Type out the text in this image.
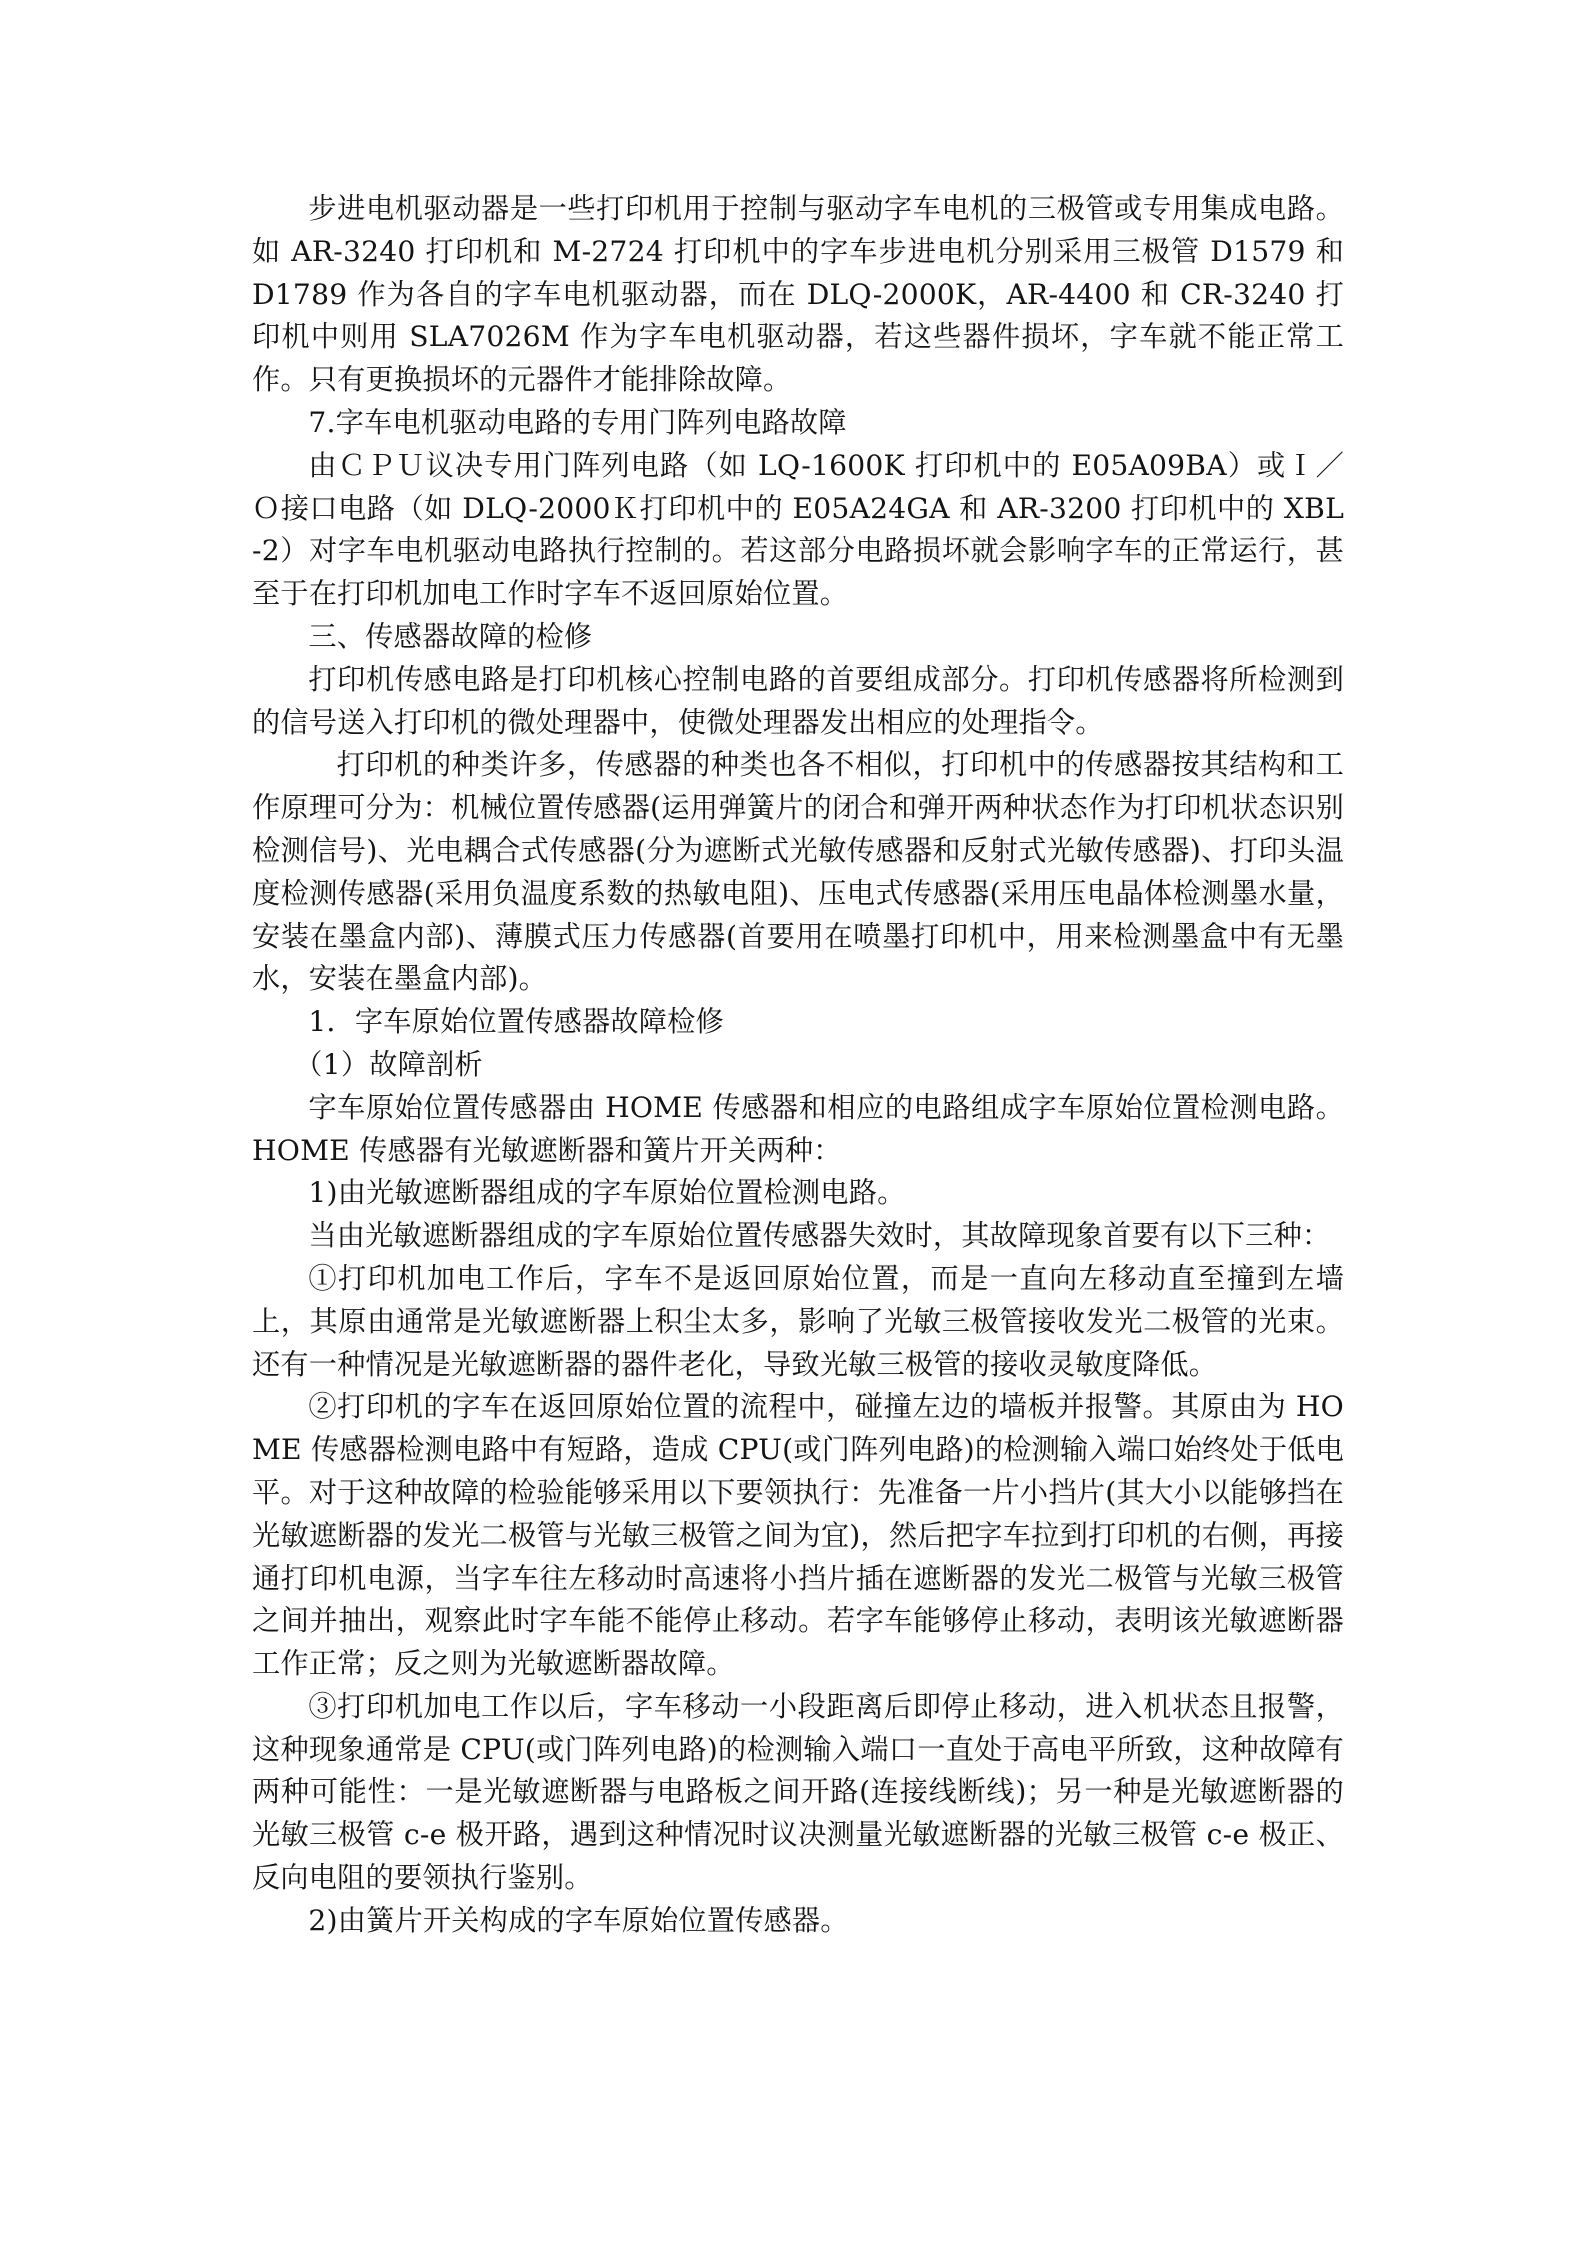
步进电机驱动器是一些打印机用于控制与驱动字车电机的三极管或专用集成电路。如 AR-3240 打印机和 M-2724 打印机中的字车步进电机分别采用三极管 D1579 和 D1789 作为各自的字车电机驱动器，而在 DLQ-2000K，AR-4400 和 CR-3240 打印机中则用 SLA7026M 作为字车电机驱动器，若这些器件损坏，字车就不能正常工作。只有更换损坏的元器件才能排除故障。

7.字车电机驱动电路的专用门阵列电路故障

由ＣＰＵ议决专用门阵列电路（如 LQ-1600K 打印机中的 E05A09BA）或Ｉ／Ｏ接口电路（如 DLQ-2000Ｋ打印机中的 E05A24GA 和 AR-3200 打印机中的 XBL-2）对字车电机驱动电路执行控制的。若这部分电路损坏就会影响字车的正常运行，甚至于在打印机加电工作时字车不返回原始位置。

三、传感器故障的检修

打印机传感电路是打印机核心控制电路的首要组成部分。打印机传感器将所检测到的信号送入打印机的微处理器中，使微处理器发出相应的处理指令。

打印机的种类许多，传感器的种类也各不相似，打印机中的传感器按其结构和工作原理可分为：机械位置传感器(运用弹簧片的闭合和弹开两种状态作为打印机状态识别检测信号)、光电耦合式传感器(分为遮断式光敏传感器和反射式光敏传感器)、打印头温度检测传感器(采用负温度系数的热敏电阻)、压电式传感器(采用压电晶体检测墨水量，安装在墨盒内部)、薄膜式压力传感器(首要用在喷墨打印机中，用来检测墨盒中有无墨水，安装在墨盒内部)。

1．字车原始位置传感器故障检修

（1）故障剖析

字车原始位置传感器由 HOME 传感器和相应的电路组成字车原始位置检测电路。HOME 传感器有光敏遮断器和簧片开关两种：

1)由光敏遮断器组成的字车原始位置检测电路。

当由光敏遮断器组成的字车原始位置传感器失效时，其故障现象首要有以下三种：

①打印机加电工作后，字车不是返回原始位置，而是一直向左移动直至撞到左墙上，其原由通常是光敏遮断器上积尘太多，影响了光敏三极管接收发光二极管的光束。还有一种情况是光敏遮断器的器件老化，导致光敏三极管的接收灵敏度降低。

②打印机的字车在返回原始位置的流程中，碰撞左边的墙板并报警。其原由为 HOME 传感器检测电路中有短路，造成 CPU(或门阵列电路)的检测输入端口始终处于低电平。对于这种故障的检验能够采用以下要领执行：先准备一片小挡片(其大小以能够挡在光敏遮断器的发光二极管与光敏三极管之间为宜)，然后把字车拉到打印机的右侧，再接通打印机电源，当字车往左移动时高速将小挡片插在遮断器的发光二极管与光敏三极管之间并抽出，观察此时字车能不能停止移动。若字车能够停止移动，表明该光敏遮断器工作正常；反之则为光敏遮断器故障。

③打印机加电工作以后，字车移动一小段距离后即停止移动，进入机状态且报警，这种现象通常是 CPU(或门阵列电路)的检测输入端口一直处于高电平所致，这种故障有两种可能性：一是光敏遮断器与电路板之间开路(连接线断线)；另一种是光敏遮断器的光敏三极管 c-e 极开路，遇到这种情况时议决测量光敏遮断器的光敏三极管 c-e 极正、反向电阻的要领执行鉴别。

2)由簧片开关构成的字车原始位置传感器。
